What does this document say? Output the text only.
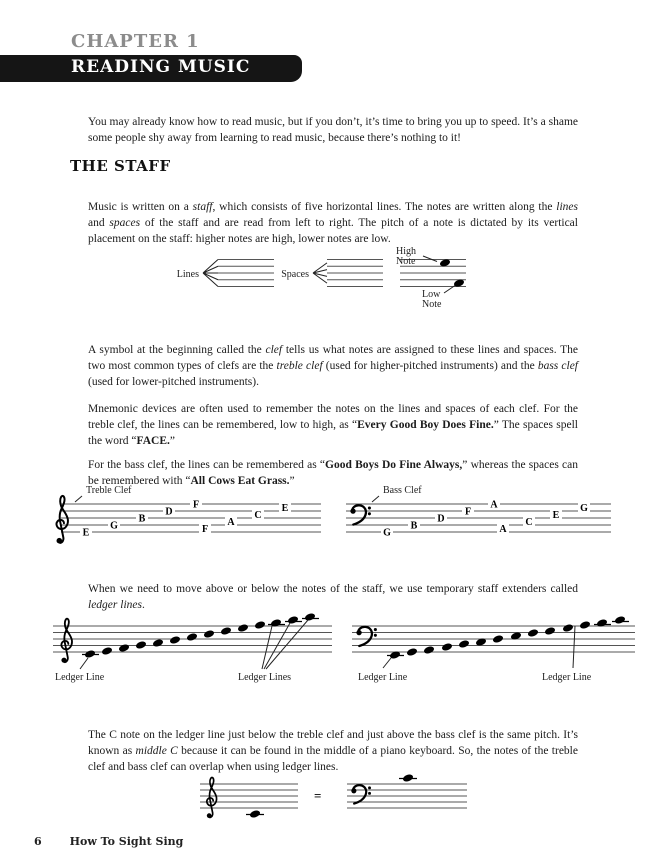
CHAPTER 1
READING MUSIC

You may already know how to read music, but if you don’t, it’s time to bring you up to speed. It’s a shame some people shy away from learning to read music, because there’s nothing to it!

THE STAFF

Music is written on a staff, which consists of five horizontal lines. The notes are written along the lines and spaces of the staff and are read from left to right. The pitch of a note is dictated by its vertical placement on the staff: higher notes are high, lower notes are low.

Lines	Spaces
High
Note
Low
Note

A symbol at the beginning called the clef tells us what notes are assigned to these lines and spaces. The two most common types of clefs are the treble clef (used for higher-pitched instruments) and the bass clef (used for lower-pitched instruments).

Mnemonic devices are often used to remember the notes on the lines and spaces of each clef. For the treble clef, the lines can be remembered, low to high, as “Every Good Boy Does Fine.” The spaces spell the word “FACE.”

For the bass clef, the lines can be remembered as “Good Boys Do Fine Always,” whereas the spaces can be remembered with “All Cows Eat Grass.”

Treble Clef
E
G
B
D
F
F
A
C
E
Bass Clef
G
B
D
F
A
A
C
E
G

When we need to move above or below the notes of the staff, we use temporary staff extenders called ledger lines.

Ledger Line	Ledger Lines	Ledger Line	Ledger Line

The C note on the ledger line just below the treble clef and just above the bass clef is the same pitch. It’s known as middle C because it can be found in the middle of a piano keyboard. So, the notes of the treble clef and bass clef can overlap when using ledger lines.

=
6	How To Sight Sing
